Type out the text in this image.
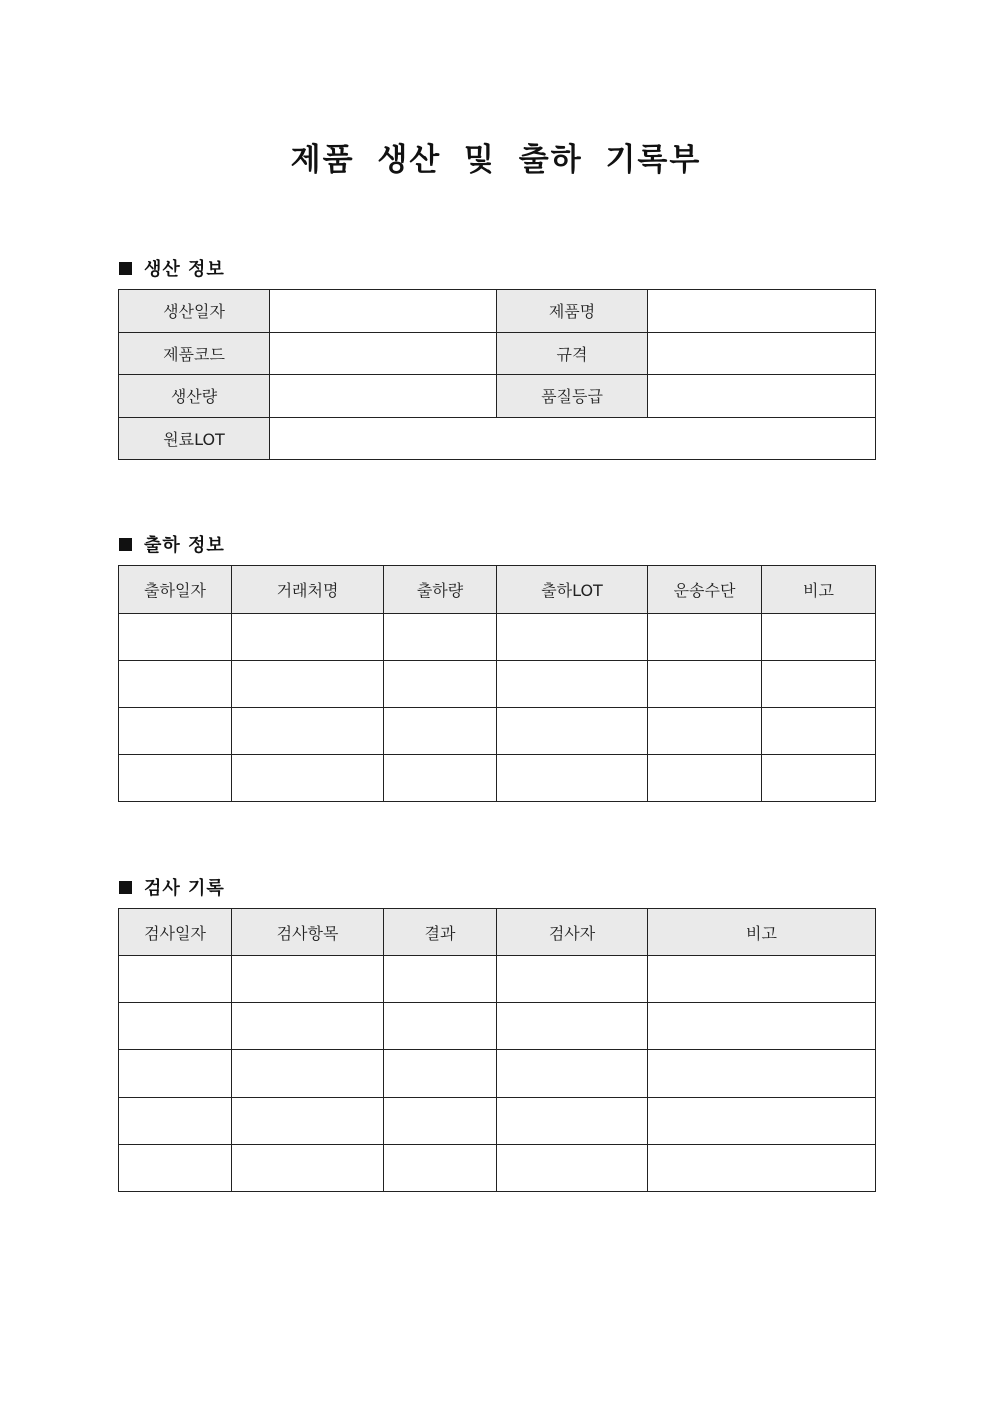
제품 생산 및 출하 기록부
생산 정보
생산일자		제품명	
제품코드		규격	
생산량		품질등급	
원료LOT			
출하 정보
출하일자	거래처명	출하량	출하LOT	운송수단	비고

검사 기록
검사일자	검사항목	결과	검사자	비고
